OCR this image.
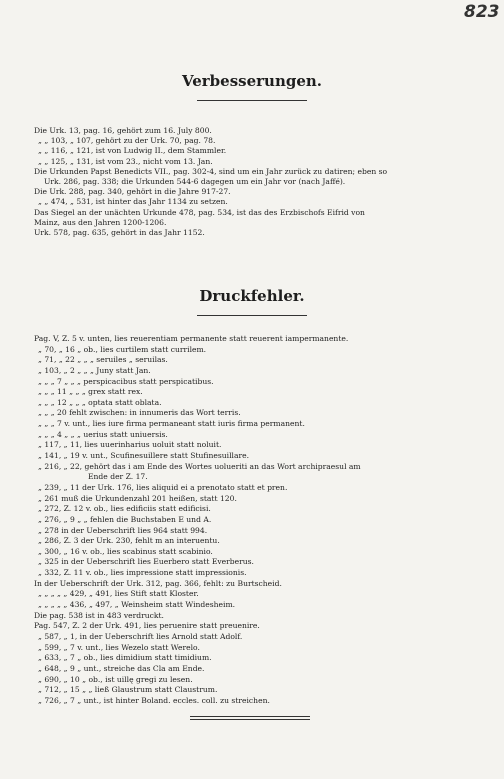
823
Verbesserungen.
Die Urk. 13, pag. 16, gehört zum 16. July 800.
„ „ 103, „ 107, gehört zu der Urk. 70, pag. 78.
„ „ 116, „ 121, ist von Ludwig II., dem Stammler.
„ „ 125, „ 131, ist vom 23., nicht vom 13. Jan.
Die Urkunden Papst Benedicts VII., pag. 302-4, sind um ein Jahr zurück zu datiren; eben so
Urk. 286, pag. 338; die Urkunden 544-6 dagegen um ein Jahr vor (nach Jaffé).
Die Urk. 288, pag. 340, gehört in die Jahre 917-27.
„ „ 474, „ 531, ist hinter das Jahr 1134 zu setzen.
Das Siegel an der unächten Urkunde 478, pag. 534, ist das des Erzbischofs Eifrid von
Mainz, aus den Jahren 1200-1206.
Urk. 578, pag. 635, gehört in das Jahr 1152.
Druckfehler.
Pag. V, Z. 5 v. unten, lies reuerentiam permanente statt reuerent iampermanente.
„ 70, „ 16 „ ob., lies curtilem statt currilem.
„ 71, „ 22 „ „ „ seruiles „ seruilas.
„ 103, „ 2 „ „ „ Juny statt Jan.
„ „ „ 7 „ „ „ perspicacibus statt perspicatibus.
„ „ „ 11 „ „ „ grex statt rex.
„ „ „ 12 „ „ „ optata statt oblata.
„ „ „ 20 fehlt zwischen: in innumeris das Wort terris.
„ „ „ 7 v. unt., lies iure firma permaneant statt iuris firma permanent.
„ „ „ 4 „ „ „ uerius statt uniuersis.
„ 117, „ 11, lies uuerinharius uoluit statt noluit.
„ 141, „ 19 v. unt., Scufinesuillere statt Stufinesuillare.
„ 216, „ 22, gehört das i am Ende des Wortes uolueriti an das Wort archipraesul am
Ende der Z. 17.
„ 239, „ 11 der Urk. 176, lies aliquid ei a prenotato statt et pren.
„ 261 muß die Urkundenzahl 201 heißen, statt 120.
„ 272, Z. 12 v. ob., lies edificiis statt edificisi.
„ 276, „ 9 „ „ fehlen die Buchstaben E und A.
„ 278 in der Ueberschrift lies 964 statt 994.
„ 286, Z. 3 der Urk. 230, fehlt m an interuentu.
„ 300, „ 16 v. ob., lies scabinus statt scabinio.
„ 325 in der Ueberschrift lies Euerbero statt Everberus.
„ 332, Z. 11 v. ob., lies impressione statt impressionis.
In der Ueberschrift der Urk. 312, pag. 366, fehlt: zu Burtscheid.
„ „ „ „ „ 429, „ 491, lies Stift statt Kloster.
„ „ „ „ „ 436, „ 497, „ Weinsheim statt Windesheim.
Die pag. 538 ist in 483 verdruckt.
Pag. 547, Z. 2 der Urk. 491, lies peruenire statt preuenire.
„ 587, „ 1, in der Ueberschrift lies Arnold statt Adolf.
„ 599, „ 7 v. unt., lies Wezelo statt Werelo.
„ 633, „ 7 „ ob., lies dimidium statt timidium.
„ 648, „ 9 „ unt., streiche das Cla am Ende.
„ 690, „ 10 „ ob., ist uillę gregi zu lesen.
„ 712, „ 15 „ „ ließ Glaustrum statt Claustrum.
„ 726, „ 7 „ unt., ist hinter Boland. eccles. coll. zu streichen.
